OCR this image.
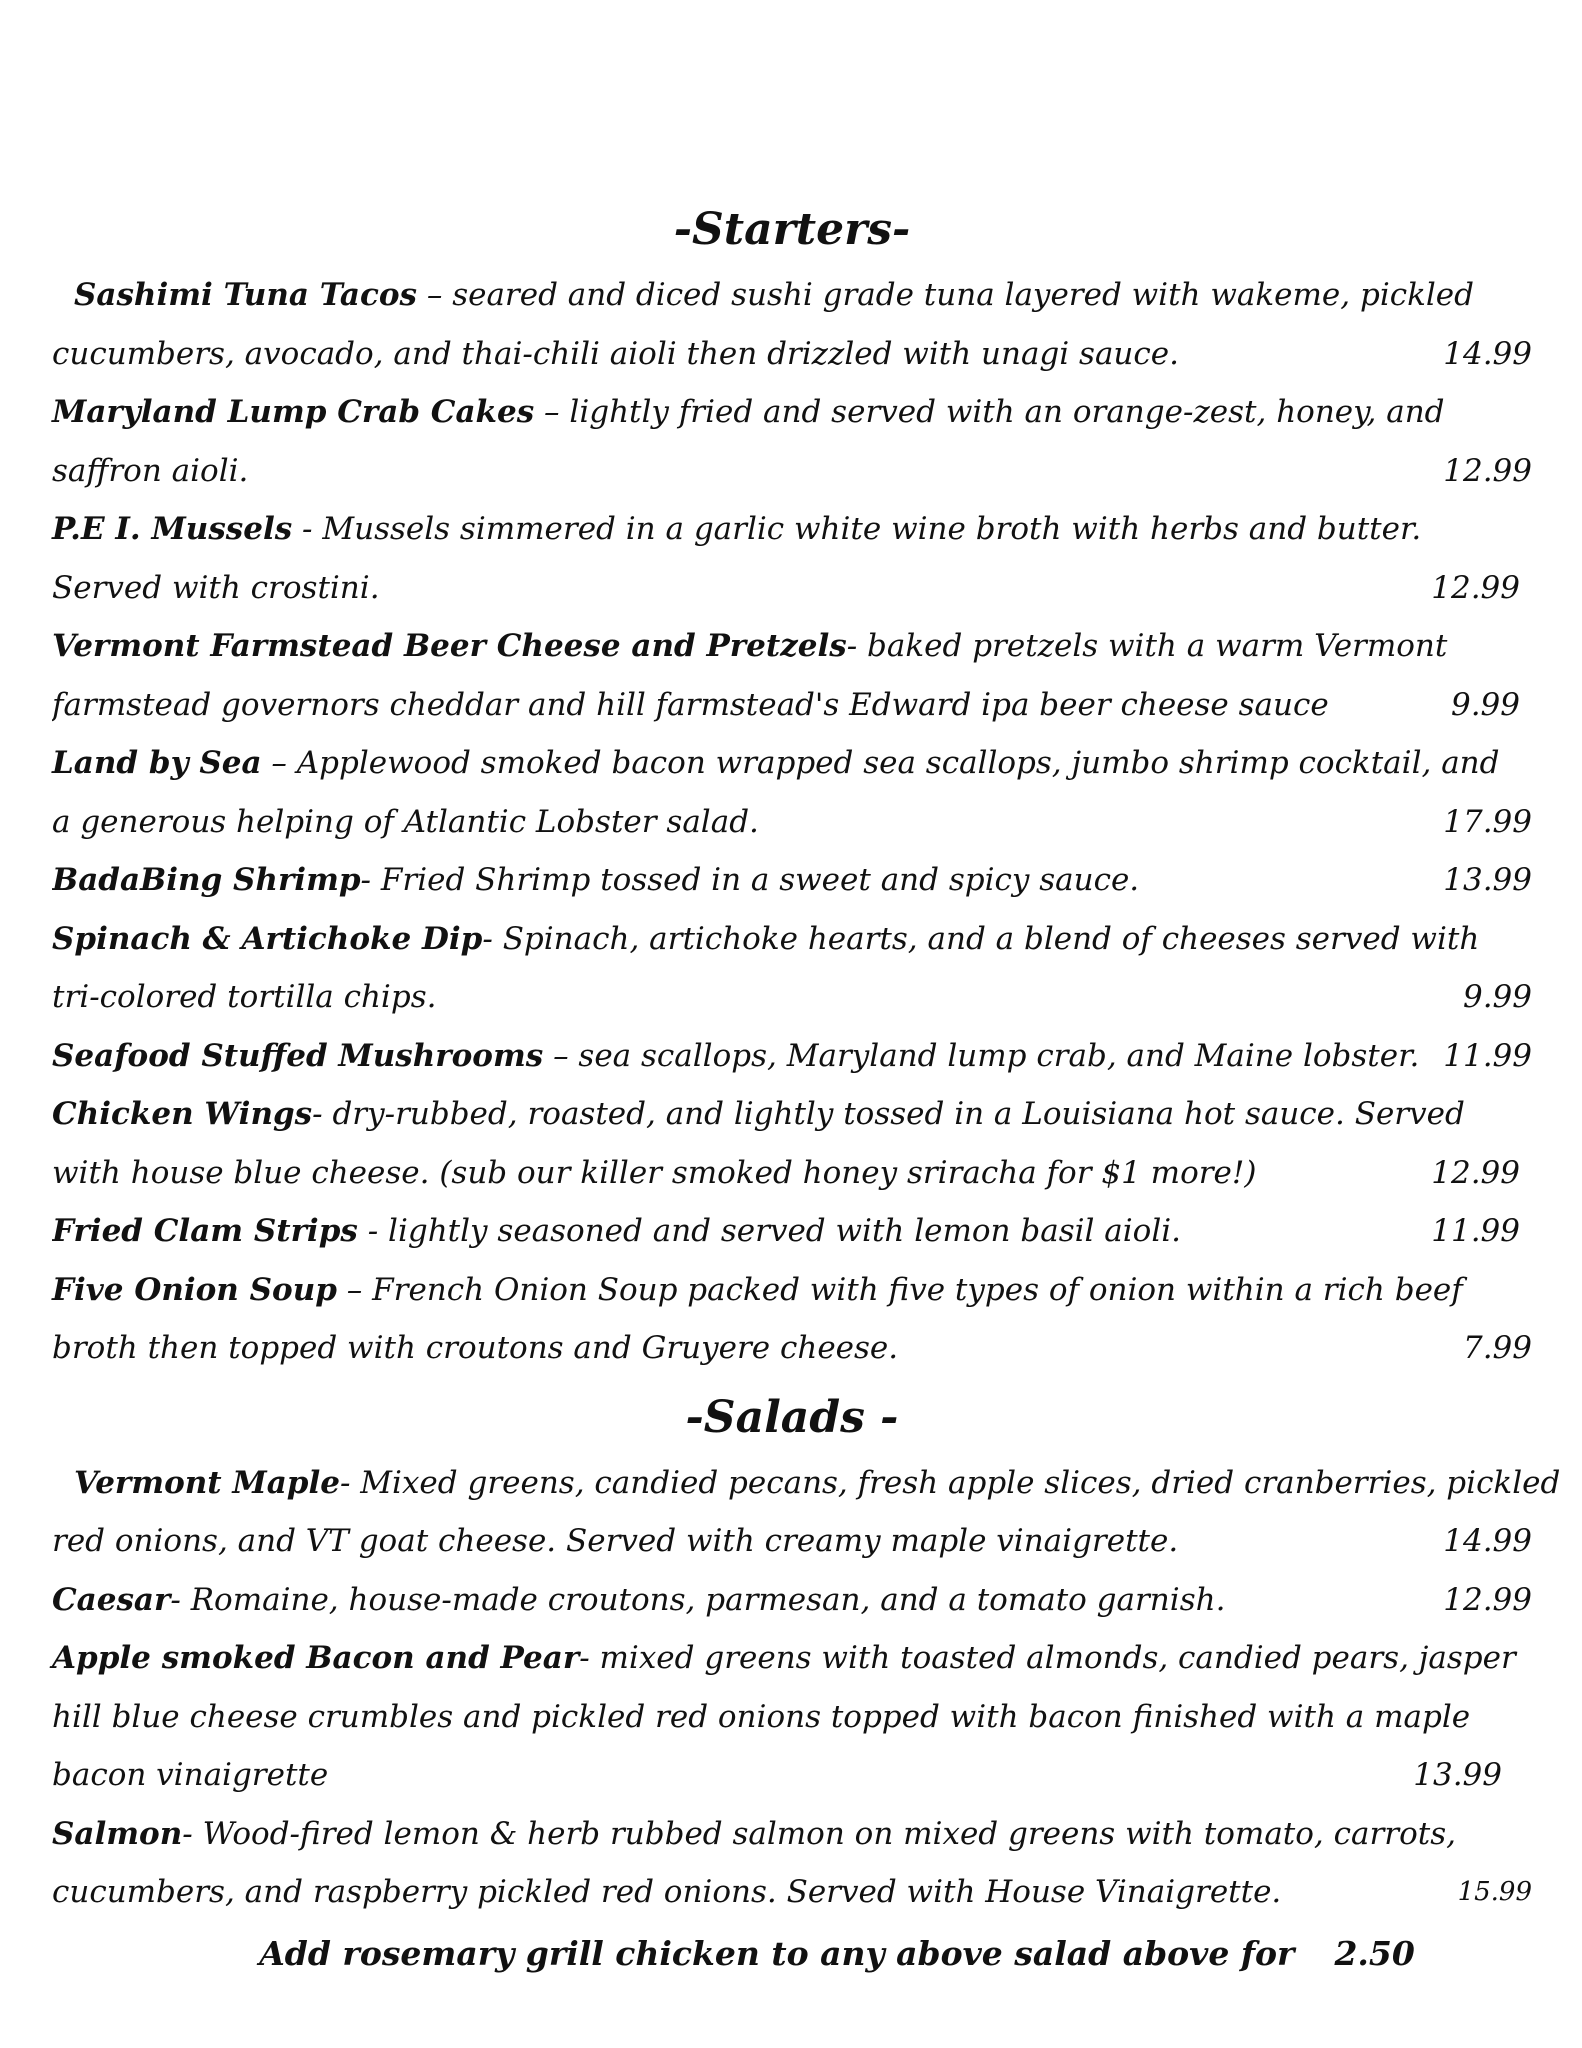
-Starters-
Sashimi Tuna Tacos – seared and diced sushi grade tuna layered with wakeme, pickled
cucumbers, avocado, and thai-chili aioli then drizzled with unagi sauce.	14.99
Maryland Lump Crab Cakes – lightly fried and served with an orange-zest, honey, and
saffron aioli.	12.99
P.E I. Mussels - Mussels simmered in a garlic white wine broth with herbs and butter.
Served with crostini.	12.99
Vermont Farmstead Beer Cheese and Pretzels- baked pretzels with a warm Vermont
farmstead governors cheddar and hill farmstead's Edward ipa beer cheese sauce	9.99
Land by Sea – Applewood smoked bacon wrapped sea scallops, jumbo shrimp cocktail, and
a generous helping of Atlantic Lobster salad.	17.99
BadaBing Shrimp- Fried Shrimp tossed in a sweet and spicy sauce.	13.99
Spinach & Artichoke Dip- Spinach, artichoke hearts, and a blend of cheeses served with
tri-colored tortilla chips.	9.99
Seafood Stuffed Mushrooms – sea scallops, Maryland lump crab, and Maine lobster. 11.99
Chicken Wings- dry-rubbed, roasted, and lightly tossed in a Louisiana hot sauce. Served
with house blue cheese. (sub our killer smoked honey sriracha for $1 more!)	12.99
Fried Clam Strips - lightly seasoned and served with lemon basil aioli.	11.99
Five Onion Soup – French Onion Soup packed with five types of onion within a rich beef
broth then topped with croutons and Gruyere cheese.	7.99
-Salads -
Vermont Maple- Mixed greens, candied pecans, fresh apple slices, dried cranberries, pickled
red onions, and VT goat cheese. Served with creamy maple vinaigrette.	14.99
Caesar- Romaine, house-made croutons, parmesan, and a tomato garnish.	12.99
Apple smoked Bacon and Pear- mixed greens with toasted almonds, candied pears, jasper
hill blue cheese crumbles and pickled red onions topped with bacon finished with a maple
bacon vinaigrette	13.99
Salmon- Wood-fired lemon & herb rubbed salmon on mixed greens with tomato, carrots,
cucumbers, and raspberry pickled red onions. Served with House Vinaigrette.	15.99
Add rosemary grill chicken to any above salad above for 2.50
